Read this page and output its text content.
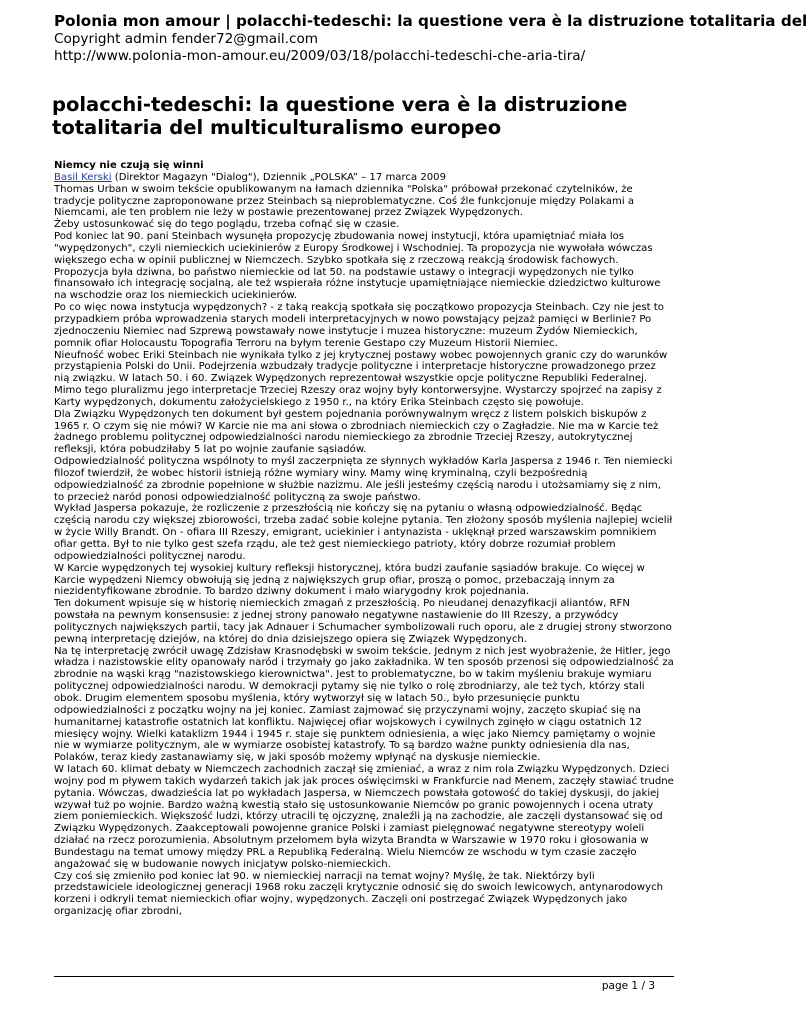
Polonia mon amour | polacchi-tedeschi: la questione vera è la distruzione totalitaria del
Copyright admin fender72@gmail.com
http://www.polonia-mon-amour.eu/2009/03/18/polacchi-tedeschi-che-aria-tira/
polacchi-tedeschi: la questione vera è la distruzione totalitaria del multiculturalismo europeo

Niemcy nie czują się winni

Basil Kerski (Direktor Magazyn "Dialog"), Dziennik „POLSKA” – 17 marca 2009

Thomas Urban w swoim tekście opublikowanym na łamach dziennika "Polska" próbował przekonać czytelników, że tradycje polityczne zaproponowane przez Steinbach są nieproblematyczne. Coś źle funkcjonuje między Polakami a Niemcami, ale ten problem nie leży w postawie prezentowanej przez Związek Wypędzonych.

Żeby ustosunkować się do tego poglądu, trzeba cofnąć się w czasie.

Pod koniec lat 90. pani Steinbach wysunęła propozycję zbudowania nowej instytucji, która upamiętniać miała los "wypędzonych", czyli niemieckich uciekinierów z Europy Środkowej i Wschodniej. Ta propozycja nie wywołała wówczas większego echa w opinii publicznej w Niemczech. Szybko spotkała się z rzeczową reakcją środowisk fachowych. Propozycja była dziwna, bo państwo niemieckie od lat 50. na podstawie ustawy o integracji wypędzonych nie tylko finansowało ich integrację socjalną, ale też wspierała różne instytucje upamiętniające niemieckie dziedzictwo kulturowe na wschodzie oraz los niemieckich uciekinierów.

Po co więc nowa instytucja wypędzonych? - z taką reakcją spotkała się początkowo propozycja Steinbach. Czy nie jest to przypadkiem próba wprowadzenia starych modeli interpretacyjnych w nowo powstający pejzaż pamięci w Berlinie? Po zjednoczeniu Niemiec nad Szprewą powstawały nowe instytucje i muzea historyczne: muzeum Żydów Niemieckich, pomnik ofiar Holocaustu Topografia Terroru na byłym terenie Gestapo czy Muzeum Historii Niemiec.

Nieufność wobec Eriki Steinbach nie wynikała tylko z jej krytycznej postawy wobec powojennych granic czy do warunków przystąpienia Polski do Unii. Podejrzenia wzbudzały tradycje polityczne i interpretacje historyczne prowadzonego przez nią związku. W latach 50. i 60. Związek Wypędzonych reprezentował wszystkie opcje polityczne Republiki Federalnej. Mimo tego pluralizmu jego interpretacje Trzeciej Rzeszy oraz wojny były kontorwersyjne. Wystarczy spojrzeć na zapisy z Karty wypędzonych, dokumentu założycielskiego z 1950 r., na który Erika Steinbach często się powołuje.

Dla Związku Wypędzonych ten dokument był gestem pojednania porównywalnym wręcz z listem polskich biskupów z 1965 r. O czym się nie mówi? W Karcie nie ma ani słowa o zbrodniach niemieckich czy o Zagładzie. Nie ma w Karcie też żadnego problemu politycznej odpowiedzialności narodu niemieckiego za zbrodnie Trzeciej Rzeszy, autokrytycznej refleksji, która pobudziłaby 5 lat po wojnie zaufanie sąsiadów.

Odpowiedzialność polityczna wspólnoty to myśl zaczerpnięta ze słynnych wykładów Karla Jaspersa z 1946 r. Ten niemiecki filozof twierdził, że wobec historii istnieją różne wymiary winy. Mamy winę kryminalną, czyli bezpośrednią odpowiedzialność za zbrodnie popełnione w służbie nazizmu. Ale jeśli jesteśmy częścią narodu i utożsamiamy się z nim, to przecież naród ponosi odpowiedzialność polityczną za swoje państwo.

Wykład Jaspersa pokazuje, że rozliczenie z przeszłością nie kończy się na pytaniu o własną odpowiedzialność. Będąc częścią narodu czy większej zbiorowości, trzeba zadać sobie kolejne pytania. Ten złożony sposób myślenia najlepiej wcielił w życie Willy Brandt. On - ofiara III Rzeszy, emigrant, uciekinier i antynazista - uklęknął przed warszawskim pomnikiem ofiar getta. Był to nie tylko gest szefa rządu, ale też gest niemieckiego patrioty, który dobrze rozumiał problem odpowiedzialności politycznej narodu.

W Karcie wypędzonych tej wysokiej kultury refleksji historycznej, która budzi zaufanie sąsiadów brakuje. Co więcej w Karcie wypędzeni Niemcy obwołują się jedną z największych grup ofiar, proszą o pomoc, przebaczają innym za niezidentyfikowane zbrodnie. To bardzo dziwny dokument i mało wiarygodny krok pojednania.

Ten dokument wpisuje się w historię niemieckich zmagań z przeszłością. Po nieudanej denazyfikacji aliantów, RFN powstała na pewnym konsensusie: z jednej strony panowało negatywne nastawienie do III Rzeszy, a przywódcy politycznych największych partii, tacy jak Adnauer i Schumacher symbolizowali ruch oporu, ale z drugiej strony stworzono pewną interpretację dziejów, na której do dnia dzisiejszego opiera się Związek Wypędzonych.

Na tę interpretację zwrócił uwagę Zdzisław Krasnodębski w swoim tekście. Jednym z nich jest wyobrażenie, że Hitler, jego władza i nazistowskie elity opanowały naród i trzymały go jako zakładnika. W ten sposób przenosi się odpowiedzialność za zbrodnie na wąski krąg "nazistowskiego kierownictwa". Jest to problematyczne, bo w takim myśleniu brakuje wymiaru politycznej odpowiedzialności narodu. W demokracji pytamy się nie tylko o rolę zbrodniarzy, ale też tych, którzy stali obok. Drugim elementem sposobu myślenia, który wytworzył się w latach 50., było przesunięcie punktu odpowiedzialności z początku wojny na jej koniec. Zamiast zajmować się przyczynami wojny, zaczęto skupiać się na humanitarnej katastrofie ostatnich lat konfliktu. Najwięcej ofiar wojskowych i cywilnych zginęło w ciągu ostatnich 12 miesięcy wojny. Wielki kataklizm 1944 i 1945 r. staje się punktem odniesienia, a więc jako Niemcy pamiętamy o wojnie nie w wymiarze politycznym, ale w wymiarze osobistej katastrofy. To są bardzo ważne punkty odniesienia dla nas, Polaków, teraz kiedy zastanawiamy się, w jaki sposób możemy wpłynąć na dyskusje niemieckie.

W latach 60. klimat debaty w Niemczech zachodnich zaczął się zmieniać, a wraz z nim rola Związku Wypędzonych. Dzieci wojny pod m pływem takich wydarzeń takich jak jak proces oświęcimski w Frankfurcie nad Menem, zaczęły stawiać trudne pytania. Wówczas, dwadzieścia lat po wykładach Jaspersa, w Niemczech powstała gotowość do takiej dyskusji, do jakiej wzywał tuż po wojnie. Bardzo ważną kwestią stało się ustosunkowanie Niemców po granic powojennych i ocena utraty ziem poniemieckich. Większość ludzi, którzy utracili tę ojczyznę, znaleźli ją na zachodzie, ale zaczęli dystansować się od Związku Wypędzonych. Zaakceptowali powojenne granice Polski i zamiast pielęgnować negatywne stereotypy woleli działać na rzecz porozumienia. Absolutnym przełomem była wizyta Brandta w Warszawie w 1970 roku i głosowania w Bundestagu na temat umowy między PRL a Republiką Federalną. Wielu Niemców ze wschodu w tym czasie zaczęło angażować się w budowanie nowych inicjatyw polsko-niemieckich.

Czy coś się zmieniło pod koniec lat 90. w niemieckiej narracji na temat wojny? Myślę, że tak. Niektórzy byli przedstawiciele ideologicznej generacji 1968 roku zaczęli krytycznie odnosić się do swoich lewicowych, antynarodowych korzeni i odkryli temat niemieckich ofiar wojny, wypędzonych. Zaczęli oni postrzegać Związek Wypędzonych jako organizację ofiar zbrodni,

page 1 / 3
